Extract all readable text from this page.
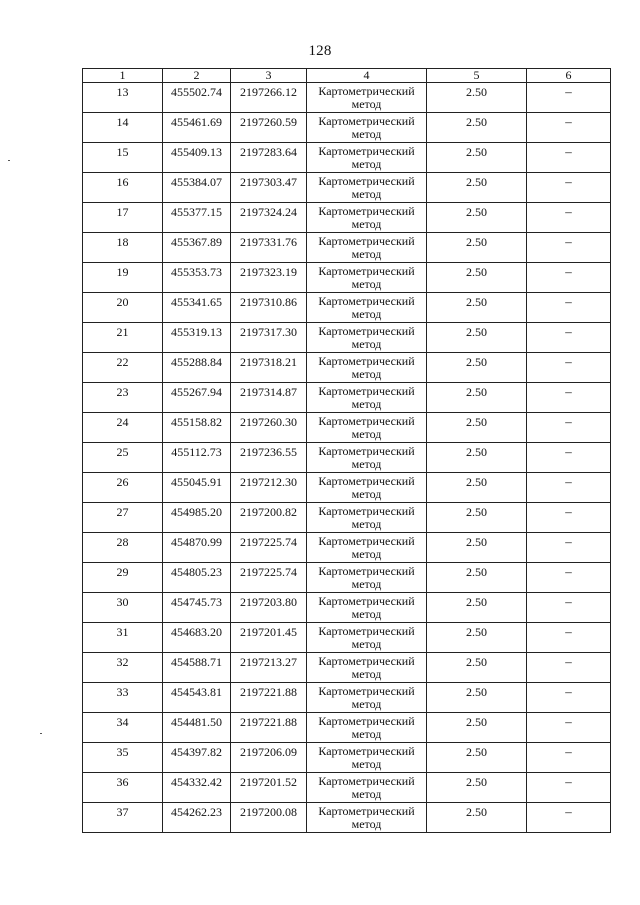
128
1	2	3	4	5	6
13	455502.74	2197266.12	Картометрический метод	2.50	–
14	455461.69	2197260.59	Картометрический метод	2.50	–
15	455409.13	2197283.64	Картометрический метод	2.50	–
16	455384.07	2197303.47	Картометрический метод	2.50	–
17	455377.15	2197324.24	Картометрический метод	2.50	–
18	455367.89	2197331.76	Картометрический метод	2.50	–
19	455353.73	2197323.19	Картометрический метод	2.50	–
20	455341.65	2197310.86	Картометрический метод	2.50	–
21	455319.13	2197317.30	Картометрический метод	2.50	–
22	455288.84	2197318.21	Картометрический метод	2.50	–
23	455267.94	2197314.87	Картометрический метод	2.50	–
24	455158.82	2197260.30	Картометрический метод	2.50	–
25	455112.73	2197236.55	Картометрический метод	2.50	–
26	455045.91	2197212.30	Картометрический метод	2.50	–
27	454985.20	2197200.82	Картометрический метод	2.50	–
28	454870.99	2197225.74	Картометрический метод	2.50	–
29	454805.23	2197225.74	Картометрический метод	2.50	–
30	454745.73	2197203.80	Картометрический метод	2.50	–
31	454683.20	2197201.45	Картометрический метод	2.50	–
32	454588.71	2197213.27	Картометрический метод	2.50	–
33	454543.81	2197221.88	Картометрический метод	2.50	–
34	454481.50	2197221.88	Картометрический метод	2.50	–
35	454397.82	2197206.09	Картометрический метод	2.50	–
36	454332.42	2197201.52	Картометрический метод	2.50	–
37	454262.23	2197200.08	Картометрический метод	2.50	–
